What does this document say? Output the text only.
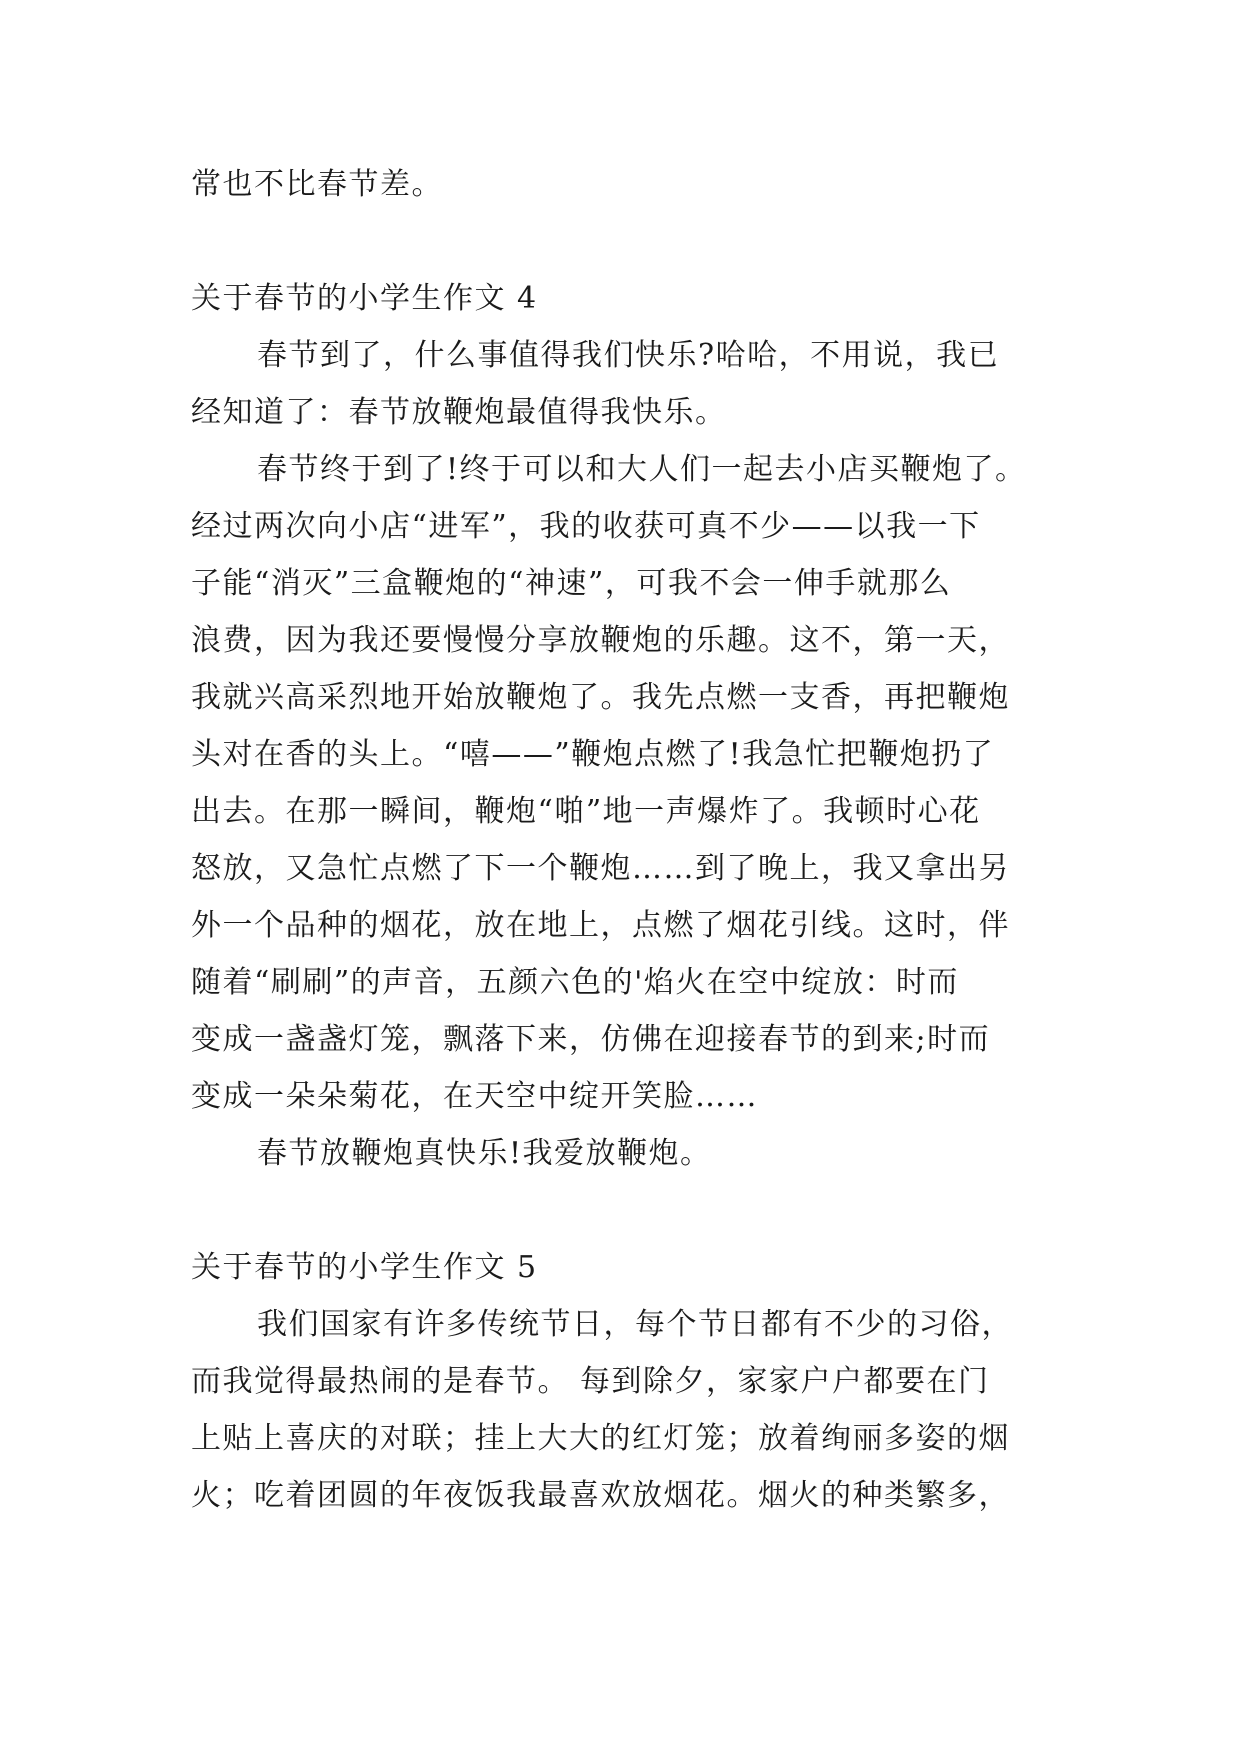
常也不比春节差。
关于春节的小学生作文 4
春节到了，什么事值得我们快乐?哈哈，不用说，我已
经知道了：春节放鞭炮最值得我快乐。
春节终于到了!终于可以和大人们一起去小店买鞭炮了。
经过两次向小店“进军”，我的收获可真不少——以我一下
子能“消灭”三盒鞭炮的“神速”，可我不会一伸手就那么
浪费，因为我还要慢慢分享放鞭炮的乐趣。这不，第一天，
我就兴高采烈地开始放鞭炮了。我先点燃一支香，再把鞭炮
头对在香的头上。“嘻——”鞭炮点燃了!我急忙把鞭炮扔了
出去。在那一瞬间，鞭炮“啪”地一声爆炸了。我顿时心花
怒放，又急忙点燃了下一个鞭炮……到了晚上，我又拿出另
外一个品种的烟花，放在地上，点燃了烟花引线。这时，伴
随着“刷刷”的声音，五颜六色的'焰火在空中绽放：时而
变成一盏盏灯笼，飘落下来，仿佛在迎接春节的到来;时而
变成一朵朵菊花，在天空中绽开笑脸……
春节放鞭炮真快乐!我爱放鞭炮。
关于春节的小学生作文 5
我们国家有许多传统节日，每个节日都有不少的习俗，
而我觉得最热闹的是春节。 每到除夕，家家户户都要在门
上贴上喜庆的对联；挂上大大的红灯笼；放着绚丽多姿的烟
火；吃着团圆的年夜饭我最喜欢放烟花。烟火的种类繁多，
